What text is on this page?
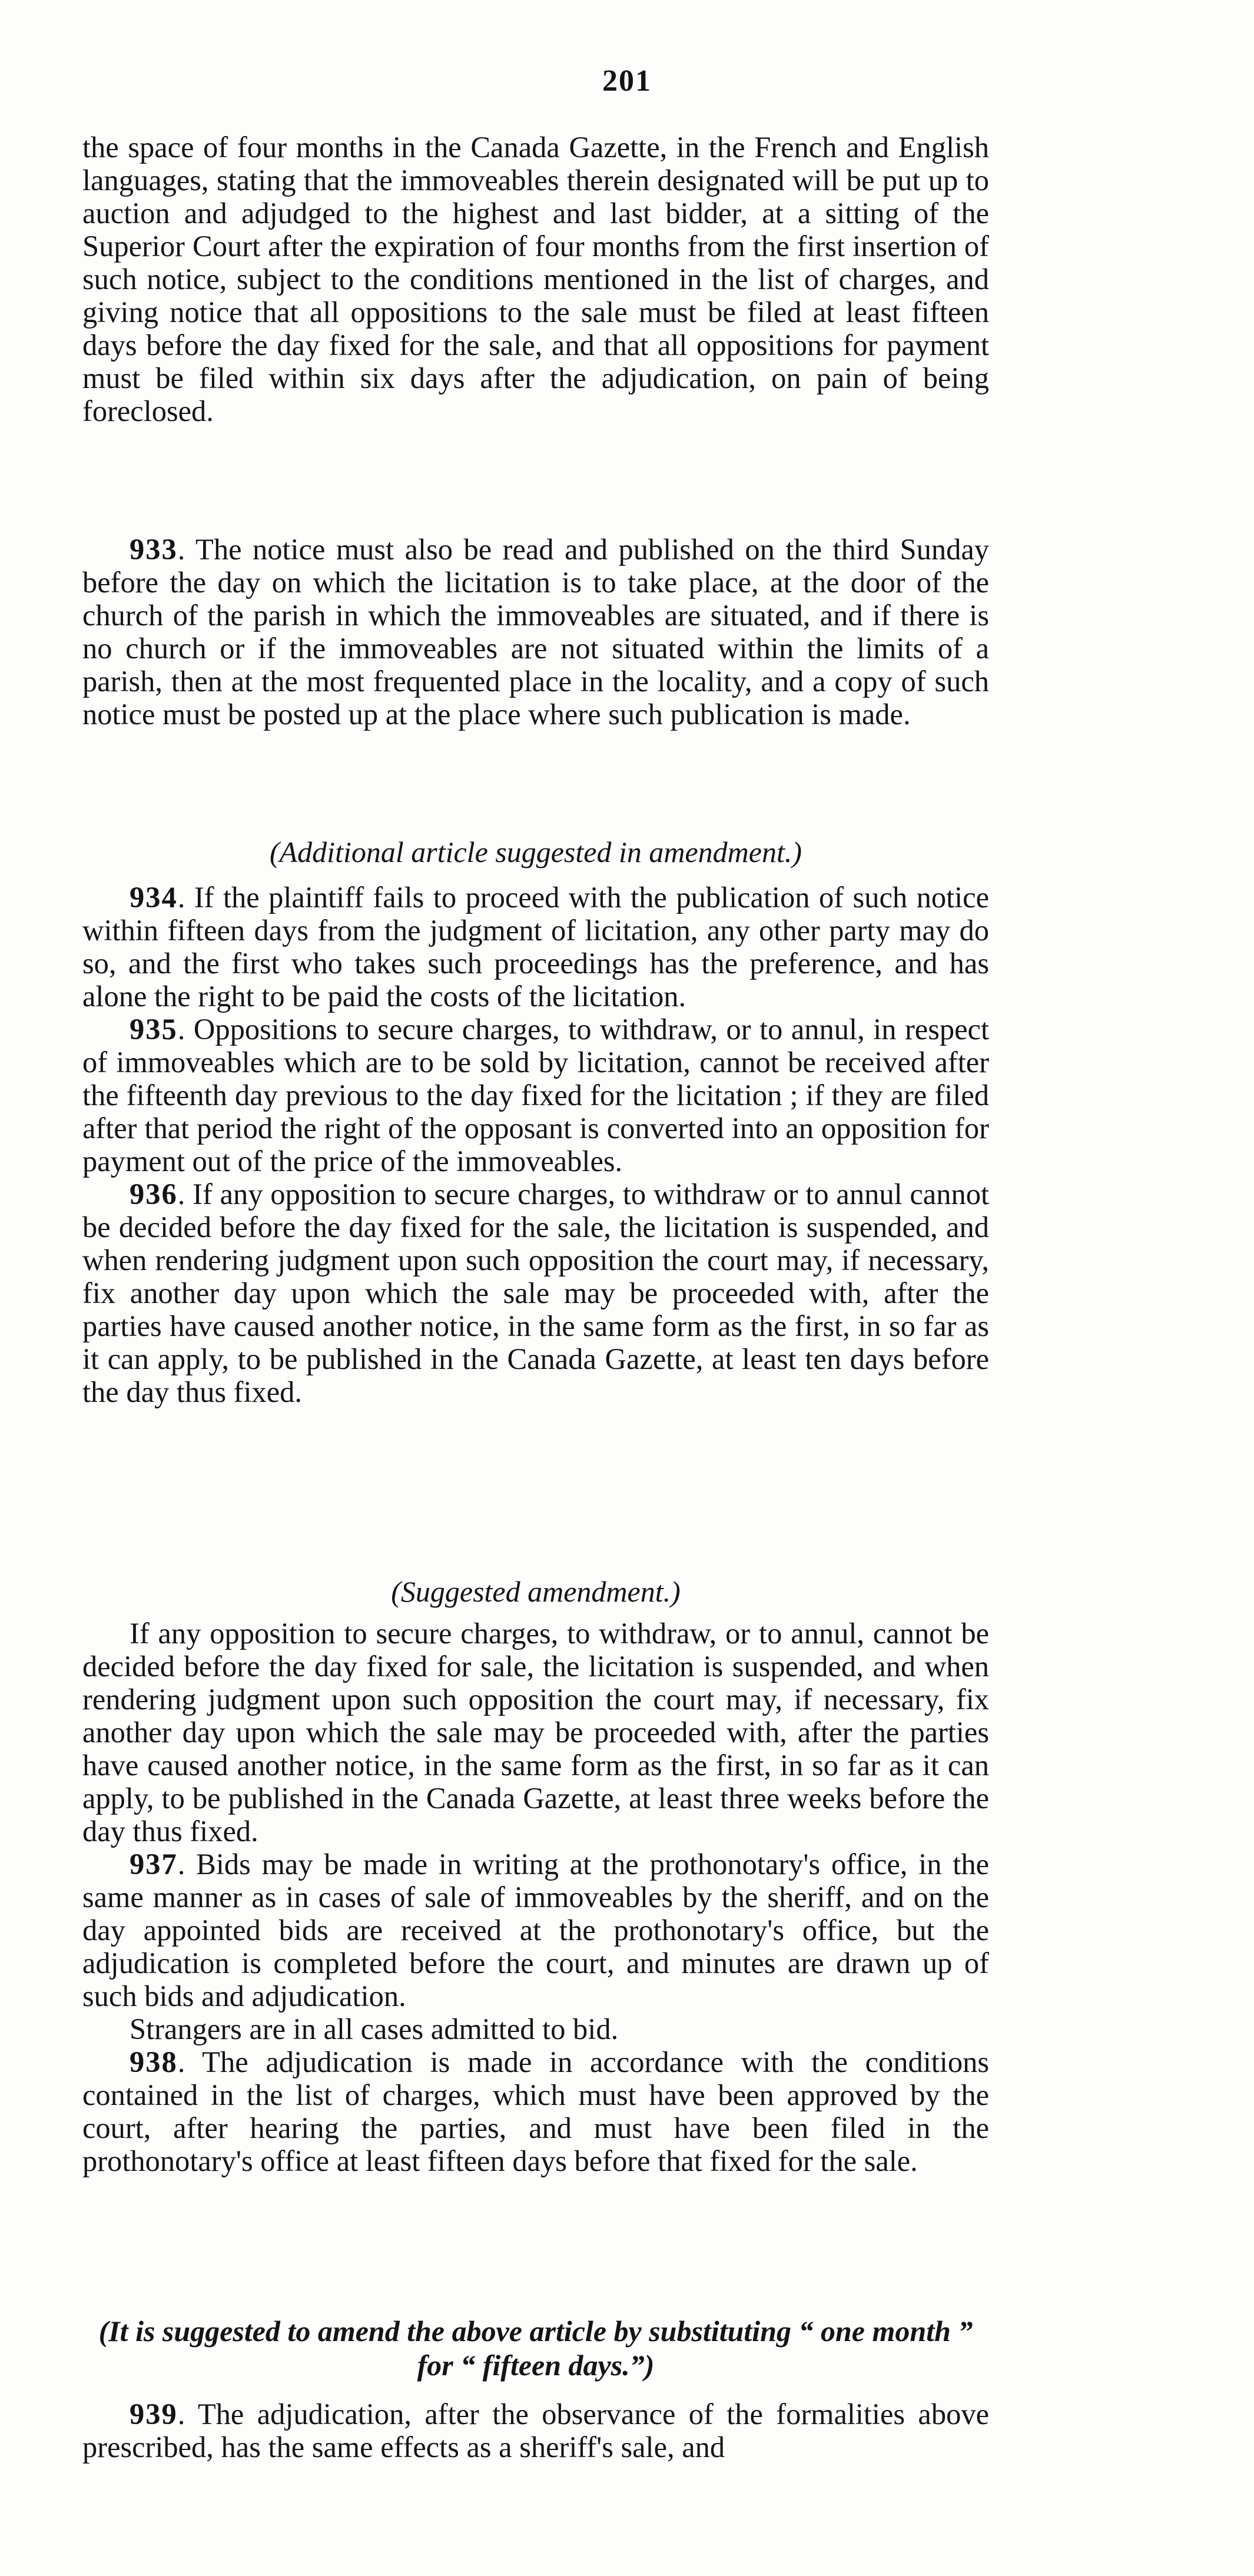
201

the space of four months in the Canada Gazette, in the French and English languages, stating that the immoveables therein designated will be put up to auction and adjudged to the highest and last bidder, at a sitting of the Superior Court after the expiration of four months from the first insertion of such notice, subject to the conditions mentioned in the list of charges, and giving notice that all oppositions to the sale must be filed at least fifteen days before the day fixed for the sale, and that all oppositions for payment must be filed within six days after the adjudication, on pain of being foreclosed.

933. The notice must also be read and published on the third Sunday before the day on which the licitation is to take place, at the door of the church of the parish in which the immoveables are situated, and if there is no church or if the immoveables are not situated within the limits of a parish, then at the most frequented place in the locality, and a copy of such notice must be posted up at the place where such publication is made.

(Additional article suggested in amendment.)

934. If the plaintiff fails to proceed with the publication of such notice within fifteen days from the judgment of licitation, any other party may do so, and the first who takes such proceedings has the preference, and has alone the right to be paid the costs of the licitation.

935. Oppositions to secure charges, to withdraw, or to annul, in respect of immoveables which are to be sold by licitation, cannot be received after the fifteenth day previous to the day fixed for the licitation ; if they are filed after that period the right of the opposant is converted into an opposition for payment out of the price of the immoveables.

936. If any opposition to secure charges, to withdraw or to annul cannot be decided before the day fixed for the sale, the licitation is suspended, and when rendering judgment upon such opposition the court may, if necessary, fix another day upon which the sale may be proceeded with, after the parties have caused another notice, in the same form as the first, in so far as it can apply, to be published in the Canada Gazette, at least ten days before the day thus fixed.

(Suggested amendment.)

If any opposition to secure charges, to withdraw, or to annul, cannot be decided before the day fixed for sale, the licitation is suspended, and when rendering judgment upon such opposition the court may, if necessary, fix another day upon which the sale may be proceeded with, after the parties have caused another notice, in the same form as the first, in so far as it can apply, to be published in the Canada Gazette, at least three weeks before the day thus fixed.

937. Bids may be made in writing at the prothonotary's office, in the same manner as in cases of sale of immoveables by the sheriff, and on the day appointed bids are received at the prothonotary's office, but the adjudication is completed before the court, and minutes are drawn up of such bids and adjudication.

Strangers are in all cases admitted to bid.

938. The adjudication is made in accordance with the conditions contained in the list of charges, which must have been approved by the court, after hearing the parties, and must have been filed in the prothonotary's office at least fifteen days before that fixed for the sale.

(It is suggested to amend the above article by substituting “ one month ” for “ fifteen days.”)

939. The adjudication, after the observance of the formalities above prescribed, has the same effects as a sheriff's sale, and
